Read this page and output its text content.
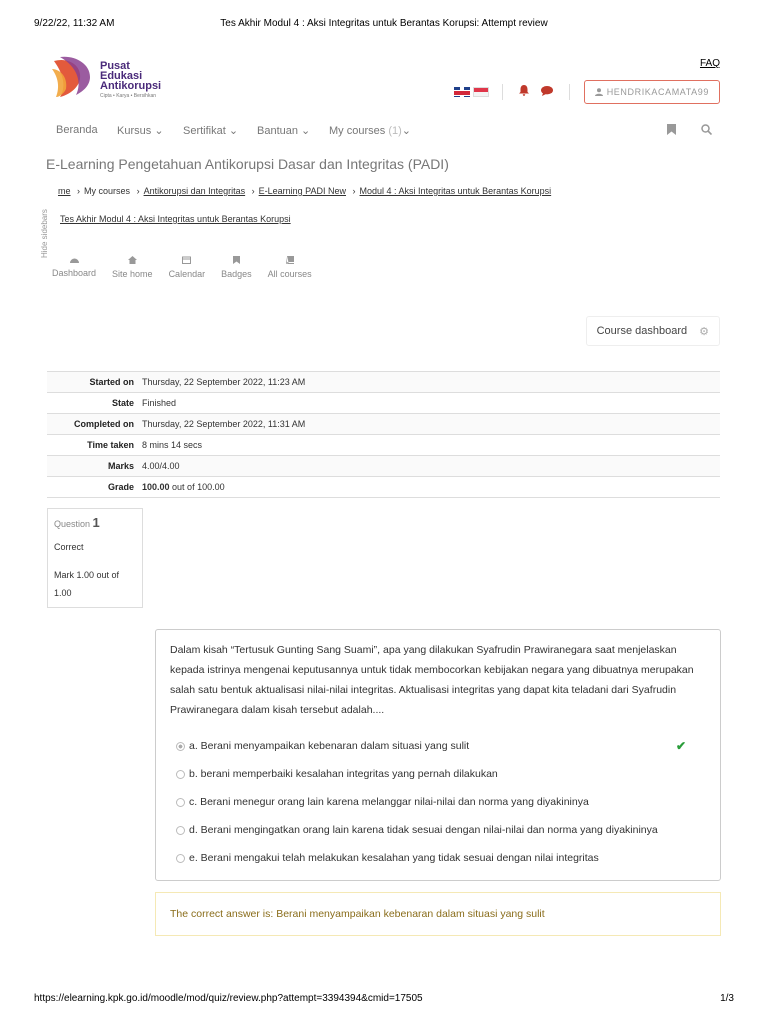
9/22/22, 11:32 AM	Tes Akhir Modul 4 : Aksi Integritas untuk Berantas Korupsi: Attempt review
Pusat
Edukasi
Antikorupsi
Cipta • Karya • Bersihkan
FAQ
HENDRIKACAMATA99
Beranda Kursus ⌄ Sertifikat ⌄ Bantuan ⌄ My courses (1)⌄

E-Learning Pengetahuan Antikorupsi Dasar dan Integritas (PADI)
me › My courses › Antikorupsi dan Integritas › E-Learning PADI New › Modul 4 : Aksi Integritas untuk Berantas Korupsi
Tes Akhir Modul 4 : Aksi Integritas untuk Berantas Korupsi
Hide sidebars
Dashboard Site home Calendar Badges All courses
Course dashboard ⚙
Started on	Thursday, 22 September 2022, 11:23 AM
State	Finished
Completed on	Thursday, 22 September 2022, 11:31 AM
Time taken	8 mins 14 secs
Marks	4.00/4.00
Grade	100.00 out of 100.00
Question 1
Correct
Mark 1.00 out of
1.00
Dalam kisah “Tertusuk Gunting Sang Suami”, apa yang dilakukan Syafrudin Prawiranegara saat menjelaskan kepada istrinya mengenai keputusannya untuk tidak membocorkan kebijakan negara yang dibuatnya merupakan salah satu bentuk aktualisasi nilai-nilai integritas. Aktualisasi integritas yang dapat kita teladani dari Syafrudin Prawiranegara dalam kisah tersebut adalah....
a. Berani menyampaikan kebenaran dalam situasi yang sulit	✔
b. berani memperbaiki kesalahan integritas yang pernah dilakukan
c. Berani menegur orang lain karena melanggar nilai-nilai dan norma yang diyakininya
d. Berani mengingatkan orang lain karena tidak sesuai dengan nilai-nilai dan norma yang diyakininya
e. Berani mengakui telah melakukan kesalahan yang tidak sesuai dengan nilai integritas
The correct answer is: Berani menyampaikan kebenaran dalam situasi yang sulit
https://elearning.kpk.go.id/moodle/mod/quiz/review.php?attempt=3394394&cmid=17505	1/3
